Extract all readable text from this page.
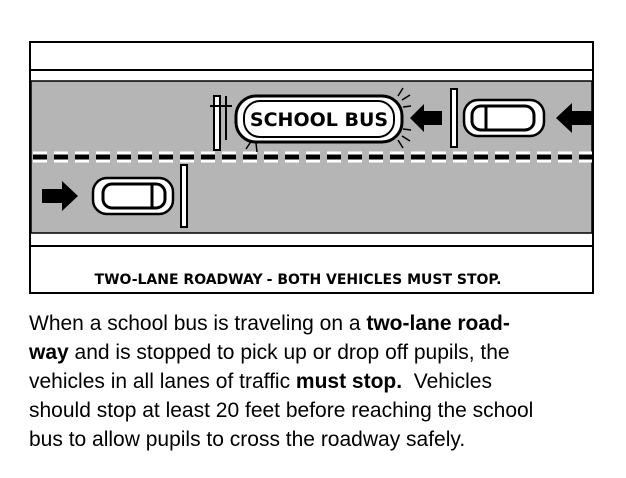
SCHOOL BUS
TWO-LANE ROADWAY - BOTH VEHICLES MUST STOP.
When a school bus is traveling on a two-lane road-
way and is stopped to pick up or drop off pupils, the
vehicles in all lanes of traffic must stop.  Vehicles
should stop at least 20 feet before reaching the school
bus to allow pupils to cross the roadway safely.
